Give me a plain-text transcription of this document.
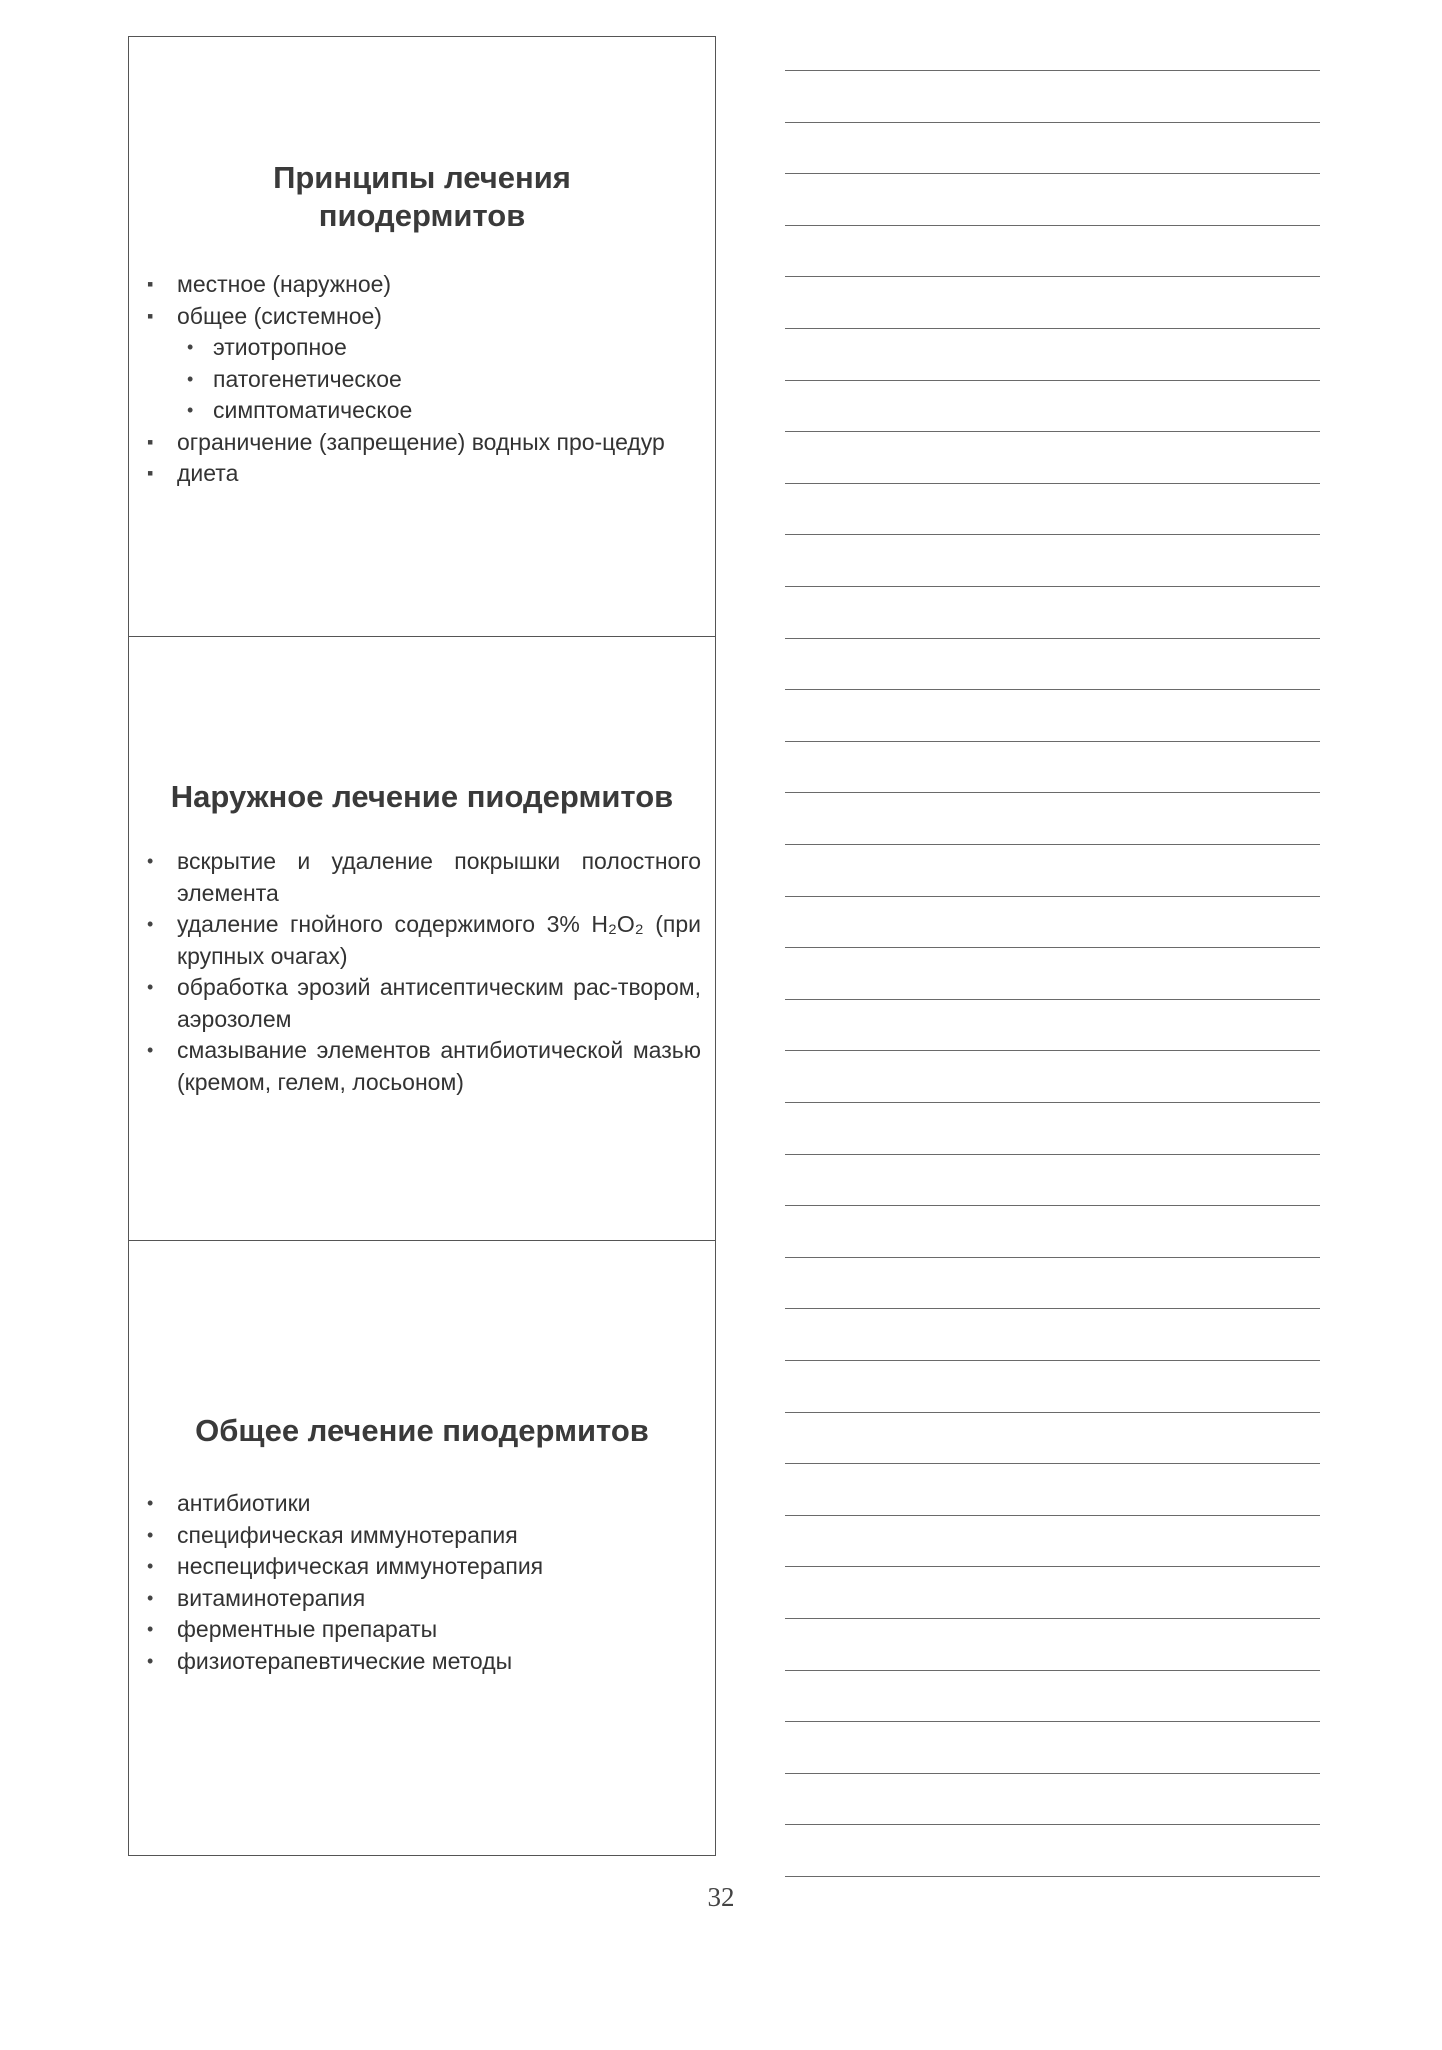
Принципы лечения пиодермитов
▪	местное (наружное)
▪	общее (системное)
• этиотропное
• патогенетическое
• симптоматическое
▪	ограничение (запрещение) водных про-цедур
▪	диета
Наружное лечение пиодермитов
•	вскрытие и удаление покрышки полостного элемента
•	удаление гнойного содержимого 3% H₂O₂ (при крупных очагах)
•	обработка эрозий антисептическим рас-твором, аэрозолем
•	смазывание элементов антибиотической мазью (кремом, гелем, лосьоном)
Общее лечение пиодермитов
•	антибиотики
•	специфическая иммунотерапия
•	неспецифическая иммунотерапия
•	витаминотерапия
•	ферментные препараты
•	физиотерапевтические методы
32
